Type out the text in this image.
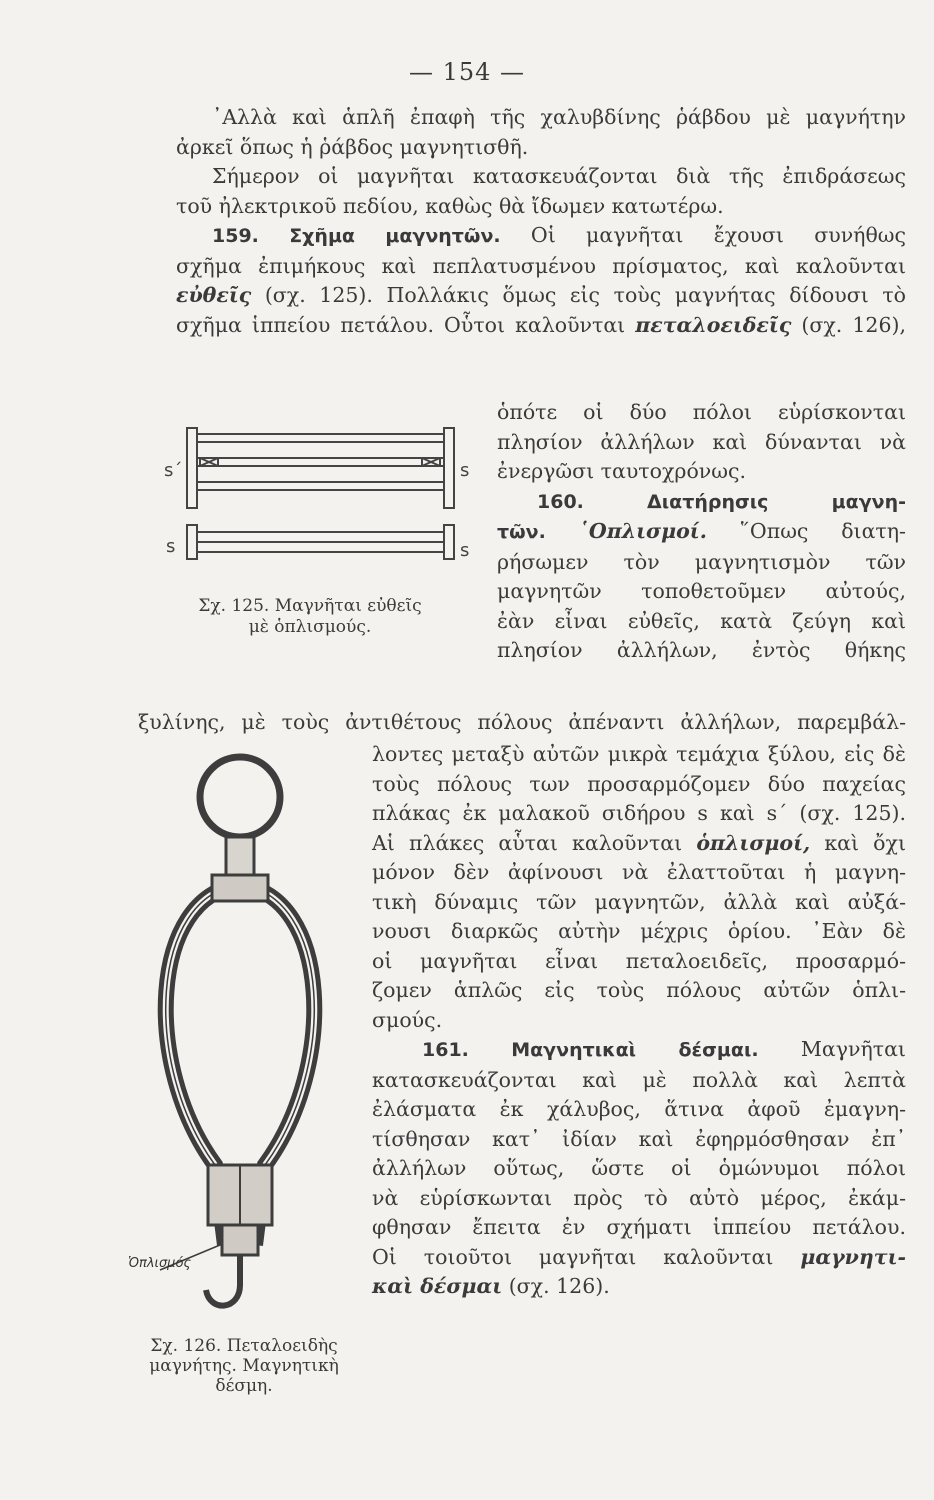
— 154 —
᾿Αλλὰ καὶ ἁπλῆ ἐπαφὴ τῆς χαλυβδίνης ῥάβδου μὲ μαγνήτην
ἀρκεῖ ὅπως ἡ ῥάβδος μαγνητισθῆ.
Σήμερον οἱ μαγνῆται κατασκευάζονται διὰ τῆς ἐπιδράσεως
τοῦ ἠλεκτρικοῦ πεδίου, καθὼς θὰ ἴδωμεν κατωτέρω.
159. Σχῆμα μαγνητῶν. Οἱ μαγνῆται ἔχουσι συνήθως
σχῆμα ἐπιμήκους καὶ πεπλατυσμένου πρίσματος, καὶ καλοῦνται
εὐθεῖς (σχ. 125). Πολλάκις ὅμως εἰς τοὺς μαγνήτας δίδουσι τὸ
σχῆμα ἱππείου πετάλου. Οὗτοι καλοῦνται πεταλοειδεῖς (σχ. 126),
ὁπότε οἱ δύο πόλοι εὑρίσκονται
πλησίον ἀλλήλων καὶ δύνανται νὰ
ἐνεργῶσι ταυτοχρόνως.
160.	Διατήρησις μαγνη-
τῶν. ῾Οπλισμοί. ῞Οπως διατη-
ρήσωμεν τὸν μαγνητισμὸν τῶν
μαγνητῶν τοποθετοῦμεν αὐτούς,
ἐὰν εἶναι εὐθεῖς, κατὰ ζεύγη καὶ
πλησίον ἀλλήλων, ἐντὸς θήκης
ξυλίνης, μὲ τοὺς ἀντιθέτους πόλους ἀπέναντι ἀλλήλων, παρεμβάλ-
λοντες μεταξὺ αὐτῶν μικρὰ τεμάχια ξύλου, εἰς δὲ
τοὺς πόλους των προσαρμόζομεν δύο παχείας
πλάκας ἐκ μαλακοῦ σιδήρου s καὶ s΄ (σχ. 125).
Αἱ πλάκες αὗται καλοῦνται ὁπλισμοί, καὶ ὄχι
μόνον δὲν ἀφίνουσι νὰ ἐλαττοῦται ἡ μαγνη-
τικὴ δύναμις τῶν μαγνητῶν, ἀλλὰ καὶ αὐξά-
νουσι διαρκῶς αὐτὴν μέχρις ὁρίου. ᾿Εὰν δὲ
οἱ μαγνῆται εἶναι πεταλοειδεῖς, προσαρμό-
ζομεν ἁπλῶς εἰς τοὺς πόλους αὐτῶν ὁπλι-
σμούς.
161. Μαγνητικαὶ δέσμαι. Μαγνῆται
κατασκευάζονται καὶ μὲ πολλὰ καὶ λεπτὰ
ἐλάσματα ἐκ χάλυβος, ἅτινα ἀφοῦ ἐμαγνη-
τίσθησαν κατ᾿ ἰδίαν καὶ ἐφηρμόσθησαν ἐπ᾿
ἀλλήλων οὕτως, ὥστε οἱ ὁμώνυμοι πόλοι
νὰ εὑρίσκωνται πρὸς τὸ αὐτὸ μέρος, ἐκάμ-
φθησαν ἔπειτα ἐν σχήματι ἱππείου πετάλου.
Οἱ τοιοῦτοι μαγνῆται καλοῦνται μαγνητι-
καὶ δέσμαι (σχ. 126).
s΄	s
s	s
Σχ. 125. Μαγνῆται εὐθεῖς
μὲ ὁπλισμούς.
Ὁπλισμός
Σχ. 126. Πεταλοειδὴς
μαγνήτης. Μαγνητικὴ
δέσμη.
